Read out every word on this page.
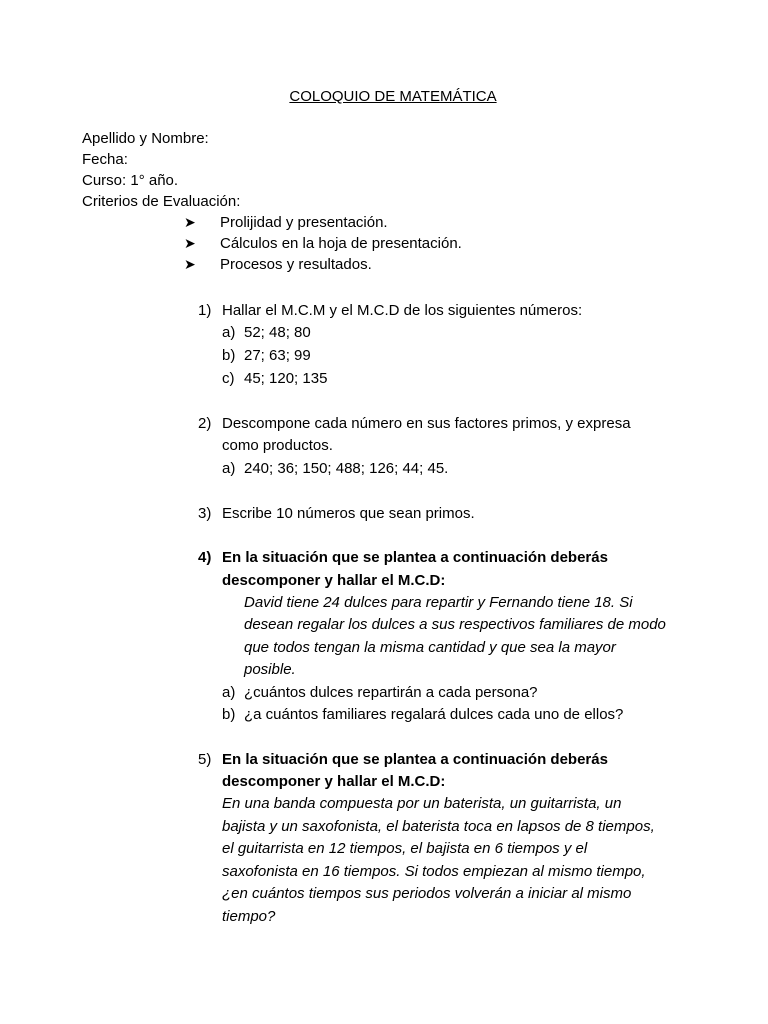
COLOQUIO DE MATEMÁTICA
Apellido y Nombre:
Fecha:
Curso: 1° año.
Criterios de Evaluación:
➤ Prolijidad y presentación.
➤ Cálculos en la hoja de presentación.
➤ Procesos y resultados.
1) Hallar el M.C.M y el M.C.D de los siguientes números:
a) 52; 48; 80
b) 27; 63; 99
c) 45; 120; 135
2) Descompone cada número en sus factores primos, y expresa
como productos.
a) 240; 36; 150; 488; 126; 44; 45.
3) Escribe 10 números que sean primos.
4) En la situación que se plantea a continuación deberás
descomponer y hallar el M.C.D:
David tiene 24 dulces para repartir y Fernando tiene 18. Si
desean regalar los dulces a sus respectivos familiares de modo
que todos tengan la misma cantidad y que sea la mayor
posible.
a) ¿cuántos dulces repartirán a cada persona?
b) ¿a cuántos familiares regalará dulces cada uno de ellos?
5) En la situación que se plantea a continuación deberás
descomponer y hallar el M.C.D:
En una banda compuesta por un baterista, un guitarrista, un
bajista y un saxofonista, el baterista toca en lapsos de 8 tiempos,
el guitarrista en 12 tiempos, el bajista en 6 tiempos y el
saxofonista en 16 tiempos. Si todos empiezan al mismo tiempo,
¿en cuántos tiempos sus periodos volverán a iniciar al mismo
tiempo?
